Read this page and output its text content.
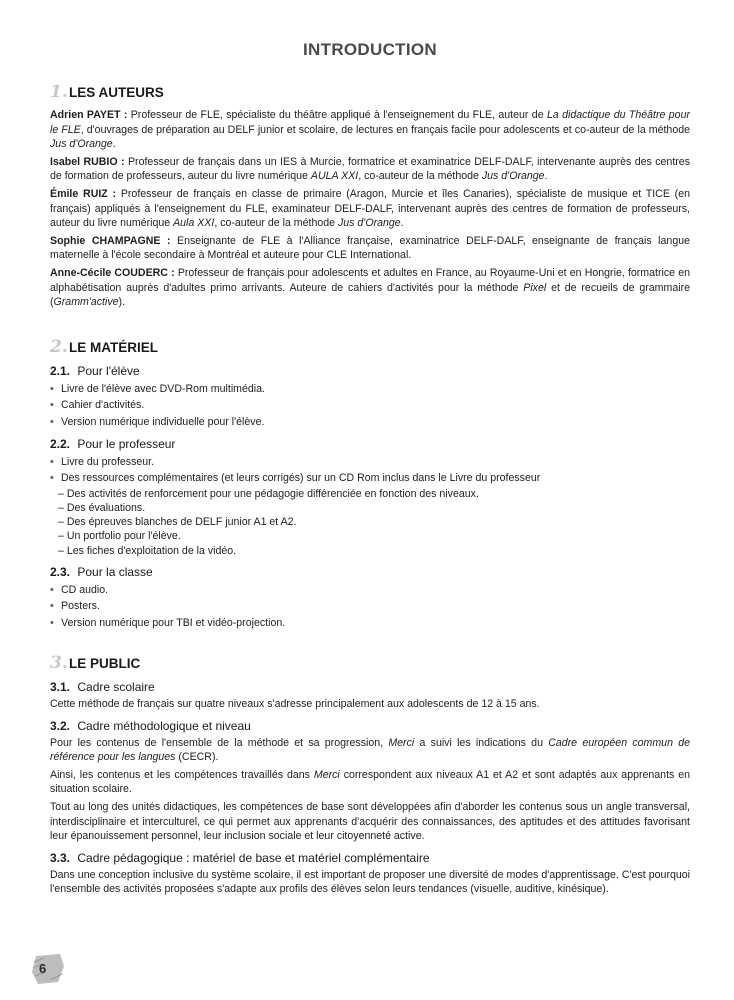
INTRODUCTION
1. LES AUTEURS

Adrien PAYET : Professeur de FLE, spécialiste du théâtre appliqué à l'enseignement du FLE, auteur de La didactique du Théâtre pour le FLE, d'ouvrages de préparation au DELF junior et scolaire, de lectures en français facile pour adolescents et co-auteur de la méthode Jus d'Orange.

Isabel RUBIO : Professeur de français dans un IES à Murcie, formatrice et examinatrice DELF-DALF, intervenante auprès des centres de formation de professeurs, auteur du livre numérique AULA XXI, co-auteur de la méthode Jus d'Orange.

Émile RUIZ : Professeur de français en classe de primaire (Aragon, Murcie et îles Canaries), spécialiste de musique et TICE (en français) appliqués à l'enseignement du FLE, examinateur DELF-DALF, intervenant auprès des centres de formation de professeurs, auteur du livre numérique Aula XXI, co-auteur de la méthode Jus d'Orange.

Sophie CHAMPAGNE : Enseignante de FLE à l'Alliance française, examinatrice DELF-DALF, enseignante de français langue maternelle à l'école secondaire à Montréal et auteure pour CLE International.

Anne-Cécile COUDERC : Professeur de français pour adolescents et adultes en France, au Royaume-Uni et en Hongrie, formatrice en alphabétisation auprès d'adultes primo arrivants. Auteure de cahiers d'activités pour la méthode Pixel et de recueils de grammaire (Gramm'active).

2. LE MATÉRIEL
2.1. Pour l'élève
• Livre de l'élève avec DVD-Rom multimédia.
• Cahier d'activités.
• Version numérique individuelle pour l'élève.
2.2. Pour le professeur
• Livre du professeur.
• Des ressources complémentaires (et leurs corrigés) sur un CD Rom inclus dans le Livre du professeur
– Des activités de renforcement pour une pédagogie différenciée en fonction des niveaux.
– Des évaluations.
– Des épreuves blanches de DELF junior A1 et A2.
– Un portfolio pour l'élève.
– Les fiches d'exploitation de la vidéo.
2.3. Pour la classe
• CD audio.
• Posters.
• Version numérique pour TBI et vidéo-projection.
3. LE PUBLIC
3.1. Cadre scolaire

Cette méthode de français sur quatre niveaux s'adresse principalement aux adolescents de 12 à 15 ans.

3.2. Cadre méthodologique et niveau

Pour les contenus de l'ensemble de la méthode et sa progression, Merci a suivi les indications du Cadre européen commun de référence pour les langues (CECR).

Ainsi, les contenus et les compétences travaillés dans Merci correspondent aux niveaux A1 et A2 et sont adaptés aux apprenants en situation scolaire.

Tout au long des unités didactiques, les compétences de base sont développées afin d'aborder les contenus sous un angle transversal, interdisciplinaire et interculturel, ce qui permet aux apprenants d'acquérir des connaissances, des aptitudes et des attitudes favorisant leur épanouissement personnel, leur inclusion sociale et leur citoyenneté active.

3.3. Cadre pédagogique : matériel de base et matériel complémentaire

Dans une conception inclusive du système scolaire, il est important de proposer une diversité de modes d'apprentissage. C'est pourquoi l'ensemble des activités proposées s'adapte aux profils des élèves selon leurs tendances (visuelle, auditive, kinésique).

6
